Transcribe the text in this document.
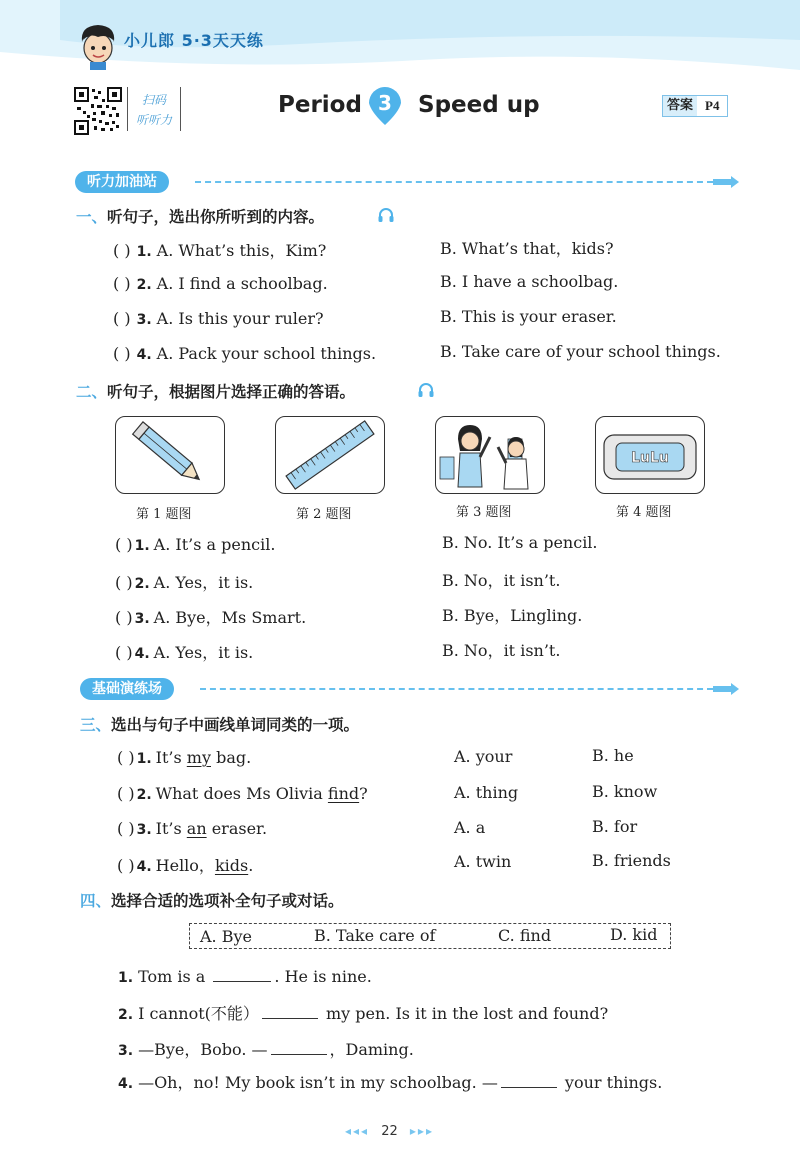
小儿郎 5·3天天练
扫码
听听力
Period 3	Speed up	答案 P4
听力加油站
一、听句子，选出你所听到的内容。
( ) 1. A. What’s this，Kim?	B. What’s that，kids?
( ) 2. A. I find a schoolbag.	B. I have a schoolbag.
( ) 3. A. Is this your ruler?	B. This is your eraser.
( ) 4. A. Pack your school things.	B. Take care of your school things.
二、听句子，根据图片选择正确的答语。
LuLu
第 1 题图	第 2 题图	第 3 题图	第 4 题图
( ) 1. A. It’s a pencil.	B. No. It’s a pencil.
( ) 2. A. Yes，it is.	B. No，it isn’t.
( ) 3. A. Bye，Ms Smart.	B. Bye，Lingling.
( ) 4. A. Yes，it is.	B. No，it isn’t.
基础演练场
三、选出与句子中画线单词同类的一项。
( ) 1. It’s my bag.	A. your	B. he
( ) 2. What does Ms Olivia find?	A. thing	B. know
( ) 3. It’s an eraser.	A. a	B. for
( ) 4. Hello，kids.	A. twin	B. friends
四、选择合适的选项补全句子或对话。
A. Bye	B. Take care of	C. find	D. kid
1. Tom is a	. He is nine.
2. I cannot(不能）	my pen. Is it in the lost and found?
3. —Bye，Bobo. —	，Daming.
4. —Oh，no! My book isn’t in my schoolbag. —	your things.
◂◂◂ 22 ▸▸▸
